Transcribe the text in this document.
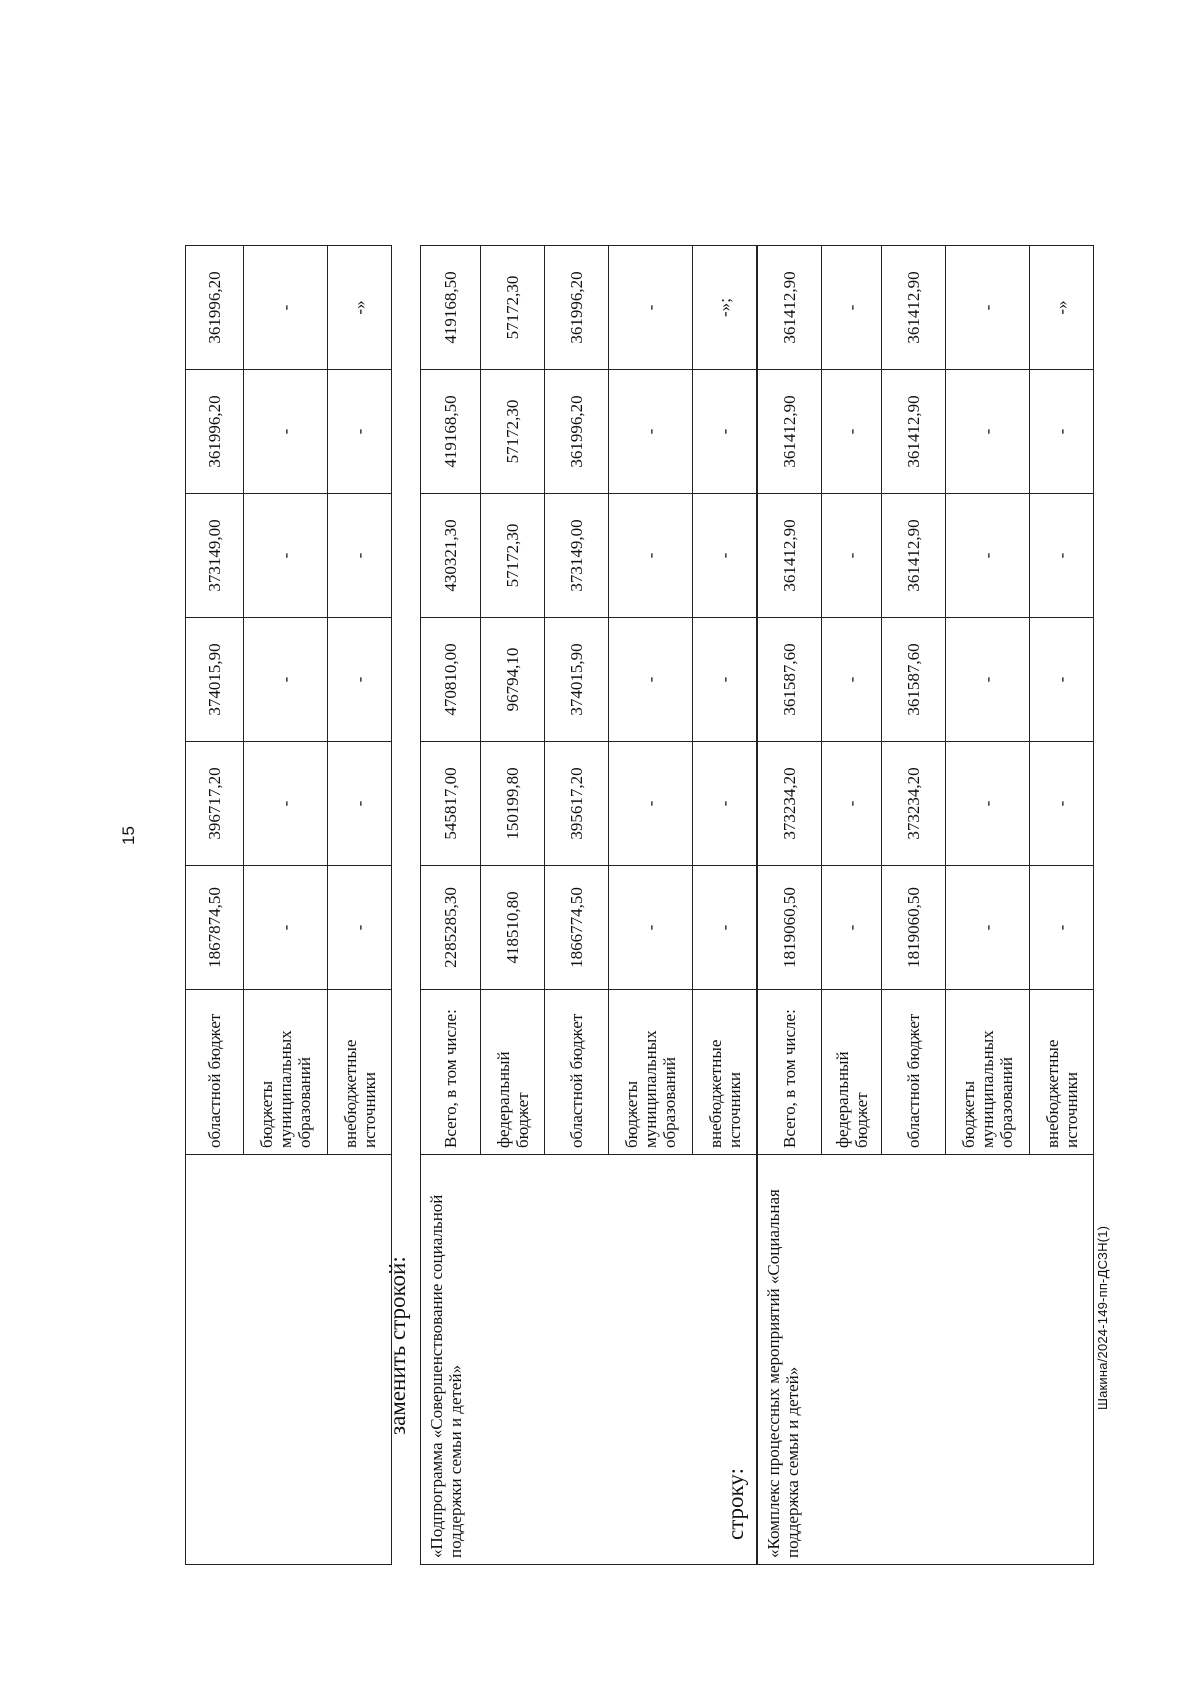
15
	областной бюджет	1867874,50	396717,20	374015,90	373149,00	361996,20	361996,20
	бюджеты муниципальных образований	-	-	-	-	-	-
	внебюджетные источники	-	-	-	-	-	-»
заменить строкой: «Подпрограмма «Совершенствование социальной поддержки семьи и детей»	Всего, в том числе:	2285285,30	545817,00	470810,00	430321,30	419168,50	419168,50
	федеральный бюджет	418510,80	150199,80	96794,10	57172,30	57172,30	57172,30
	областной бюджет	1866774,50	395617,20	374015,90	373149,00	361996,20	361996,20
	бюджеты муниципальных образований	-	-	-	-	-	-
	внебюджетные источники	-	-	-	-	-	-»;
строку: «Комплекс процессных мероприятий «Социальная поддержка семьи и детей»	Всего, в том числе:	1819060,50	373234,20	361587,60	361412,90	361412,90	361412,90
	федеральный бюджет	-	-	-	-	-	-
	областной бюджет	1819060,50	373234,20	361587,60	361412,90	361412,90	361412,90
	бюджеты муниципальных образований	-	-	-	-	-	-
	внебюджетные источники	-	-	-	-	-	-»
Шакина/2024-149-пп-ДСЗН(1)
